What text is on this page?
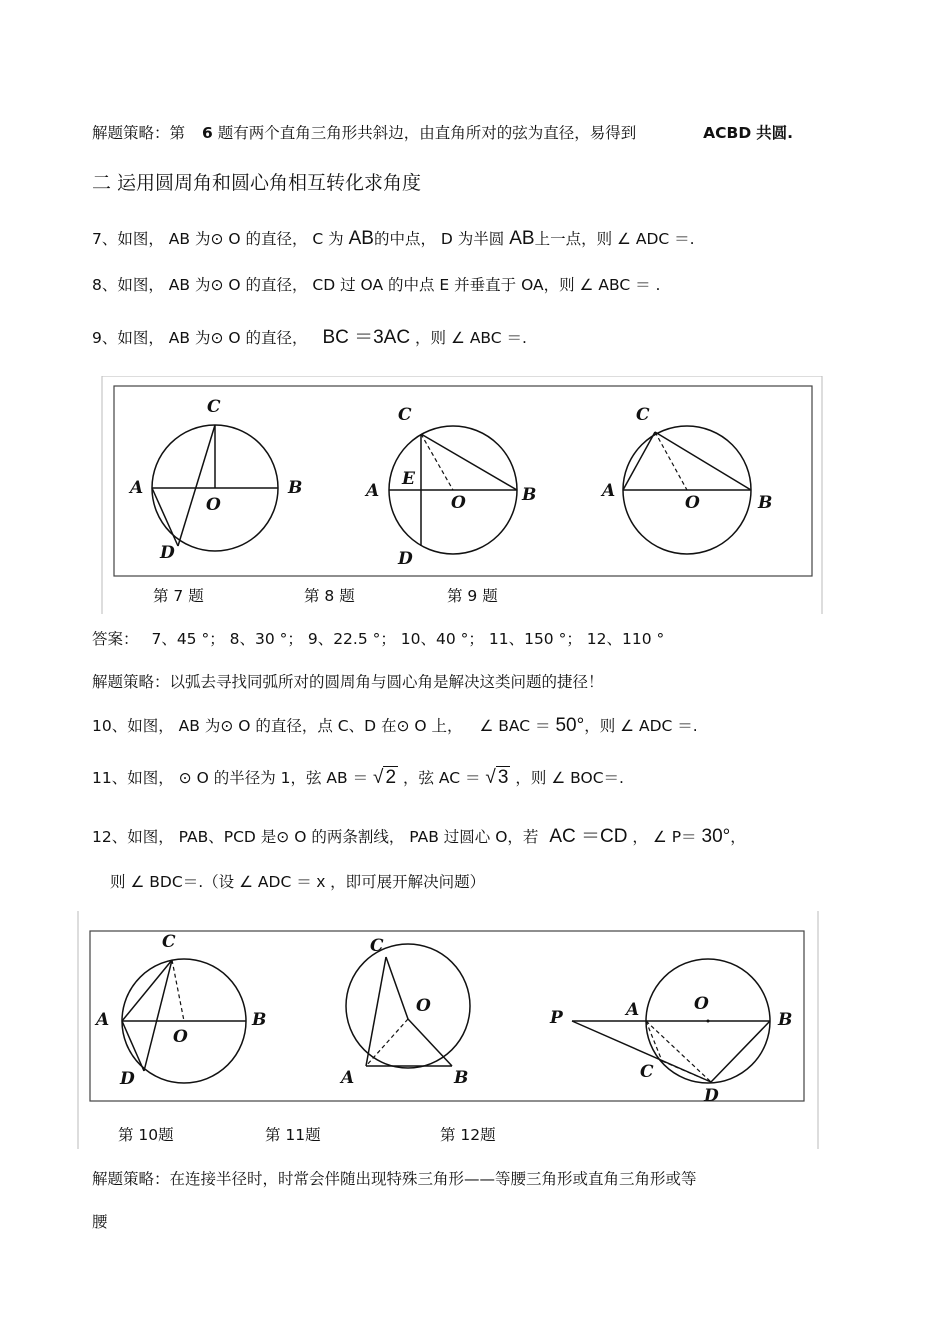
解题策略：第 6 题有两个直角三角形共斜边，由直角所对的弦为直径，易得到	ACBD 共圆.
二 运用圆周角和圆心角相互转化求角度
7、如图， AB 为⊙ O 的直径， C 为 AB的中点， D 为半圆 AB上一点，则 ∠ ADC ＝.
8、如图， AB 为⊙ O 的直径， CD 过 OA 的中点 E 并垂直于 OA，则 ∠ ABC ＝ .
9、如图， AB 为⊙ O 的直径， BC ＝3AC ，则 ∠ ABC ＝.
C
A
O
B
D
C
A
E
O	B
D
C
A
O	B
第 7 题	第 8 题	第 9 题
答案： 7、45 °； 8、30 °； 9、22.5 °； 10、40 °； 11、150 °； 12、110 °
解题策略：以弧去寻找同弧所对的圆周角与圆心角是解决这类问题的捷径！
10、如图， AB 为⊙ O 的直径，点 C、D 在⊙ O 上， ∠ BAC ＝ 50°，则 ∠ ADC ＝.
11、如图， ⊙ O 的半径为 1，弦 AB ＝ √ 2 ，弦 AC ＝ √ 3 ，则 ∠ BOC＝.
12、如图， PAB、PCD 是⊙ O 的两条割线， PAB 过圆心 O，若 AC ＝CD ， ∠ P＝ 30°，
则 ∠ BDC＝.（设 ∠ ADC ＝ x ，即可展开解决问题）
C
A
O
B
D
C
O
A	B
P	A	O
B
C
D
第 10题	第 11题	第 12题
解题策略：在连接半径时，时常会伴随出现特殊三角形——等腰三角形或直角三角形或等
腰
